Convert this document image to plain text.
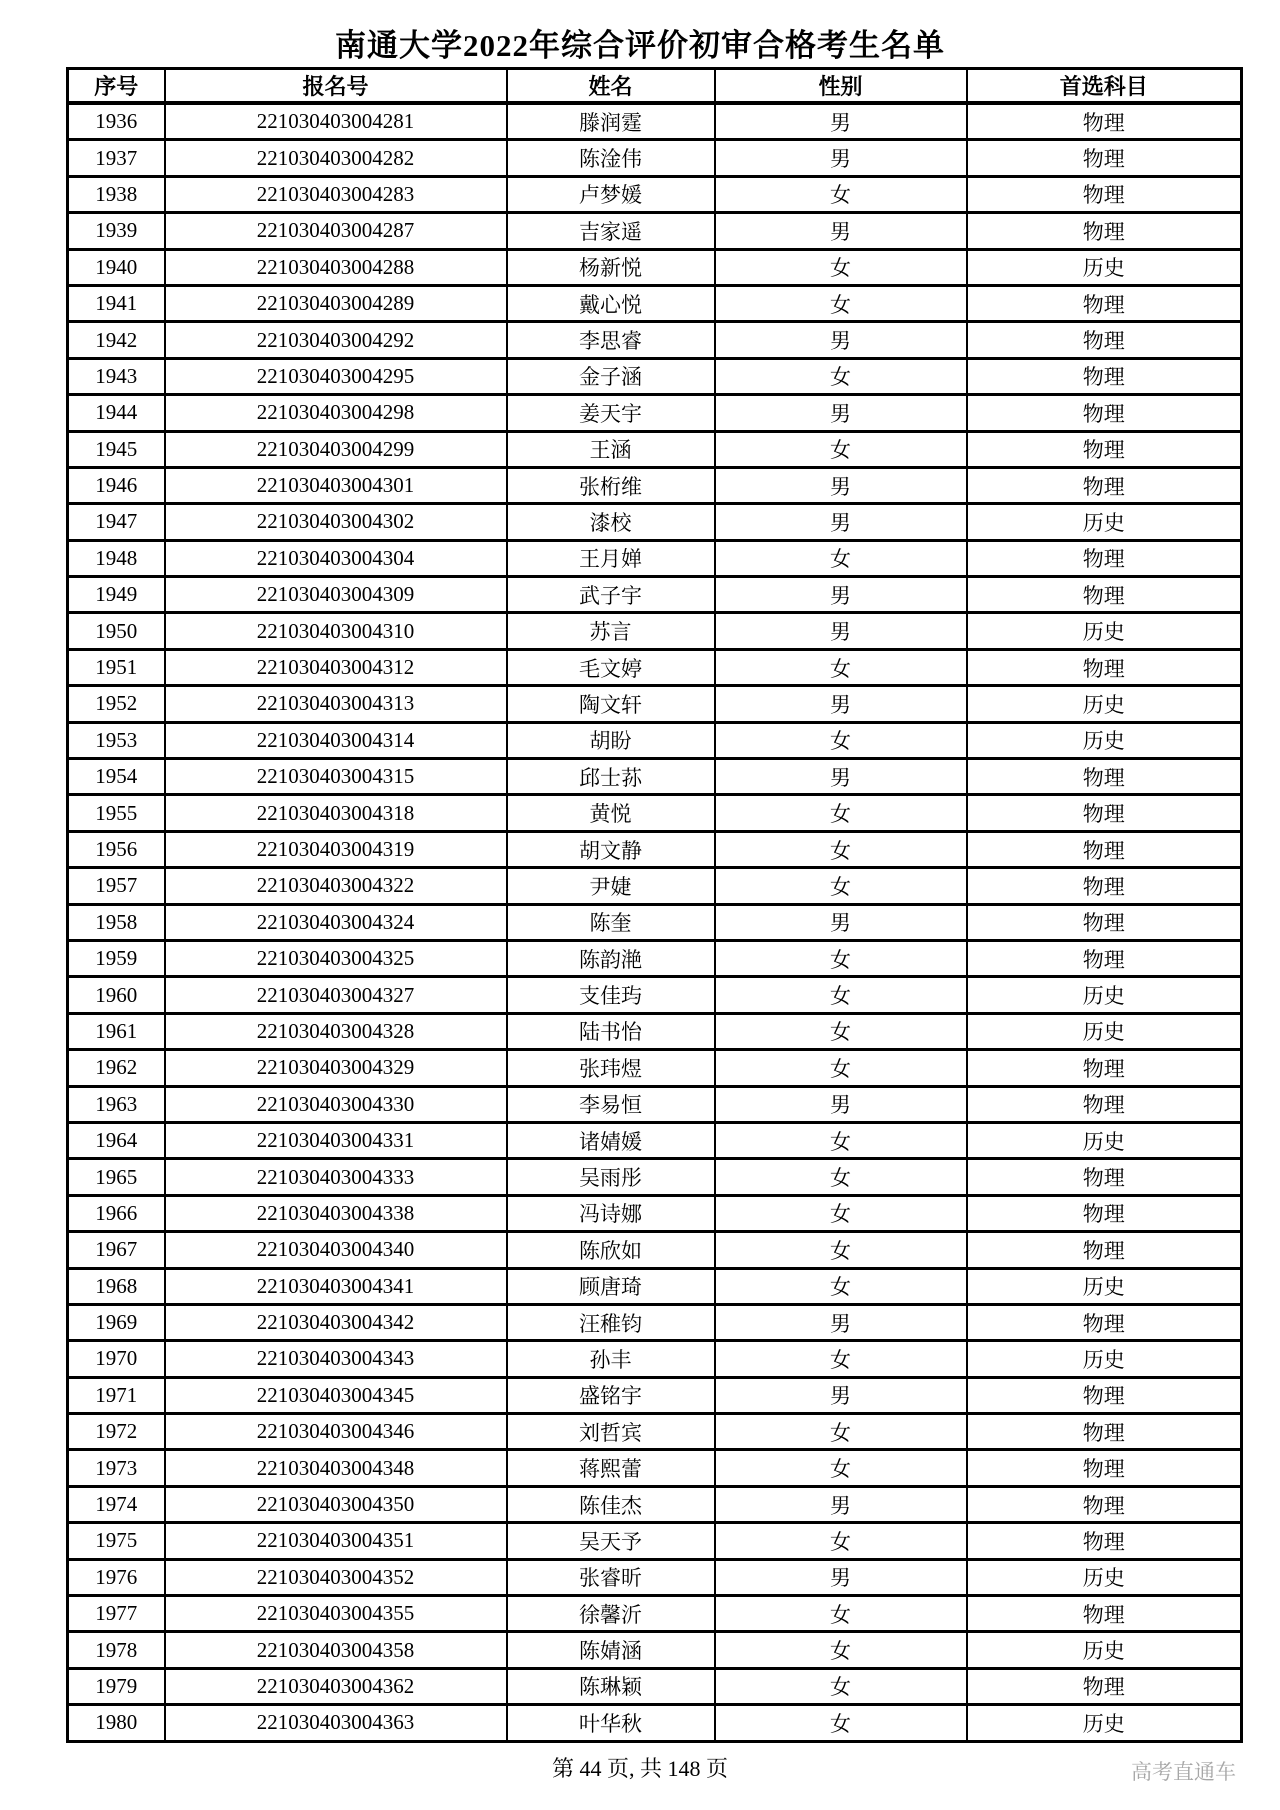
南通大学2022年综合评价初审合格考生名单
序号	报名号	姓名	性别	首选科目
1936	221030403004281	滕润霆	男	物理
1937	221030403004282	陈淦伟	男	物理
1938	221030403004283	卢梦媛	女	物理
1939	221030403004287	吉家遥	男	物理
1940	221030403004288	杨新悦	女	历史
1941	221030403004289	戴心悦	女	物理
1942	221030403004292	李思睿	男	物理
1943	221030403004295	金子涵	女	物理
1944	221030403004298	姜天宇	男	物理
1945	221030403004299	王涵	女	物理
1946	221030403004301	张桁维	男	物理
1947	221030403004302	漆校	男	历史
1948	221030403004304	王月婵	女	物理
1949	221030403004309	武子宇	男	物理
1950	221030403004310	苏言	男	历史
1951	221030403004312	毛文婷	女	物理
1952	221030403004313	陶文轩	男	历史
1953	221030403004314	胡盼	女	历史
1954	221030403004315	邱士荪	男	物理
1955	221030403004318	黄悦	女	物理
1956	221030403004319	胡文静	女	物理
1957	221030403004322	尹婕	女	物理
1958	221030403004324	陈奎	男	物理
1959	221030403004325	陈韵滟	女	物理
1960	221030403004327	支佳玙	女	历史
1961	221030403004328	陆书怡	女	历史
1962	221030403004329	张玮煜	女	物理
1963	221030403004330	李易恒	男	物理
1964	221030403004331	诸婧媛	女	历史
1965	221030403004333	吴雨彤	女	物理
1966	221030403004338	冯诗娜	女	物理
1967	221030403004340	陈欣如	女	物理
1968	221030403004341	顾唐琦	女	历史
1969	221030403004342	汪稚钧	男	物理
1970	221030403004343	孙丰	女	历史
1971	221030403004345	盛铭宇	男	物理
1972	221030403004346	刘哲宾	女	物理
1973	221030403004348	蒋熙蕾	女	物理
1974	221030403004350	陈佳杰	男	物理
1975	221030403004351	吴天予	女	物理
1976	221030403004352	张睿昕	男	历史
1977	221030403004355	徐馨沂	女	物理
1978	221030403004358	陈婧涵	女	历史
1979	221030403004362	陈琳颖	女	物理
1980	221030403004363	叶华秋	女	历史
第 44 页, 共 148 页	高考直通车
